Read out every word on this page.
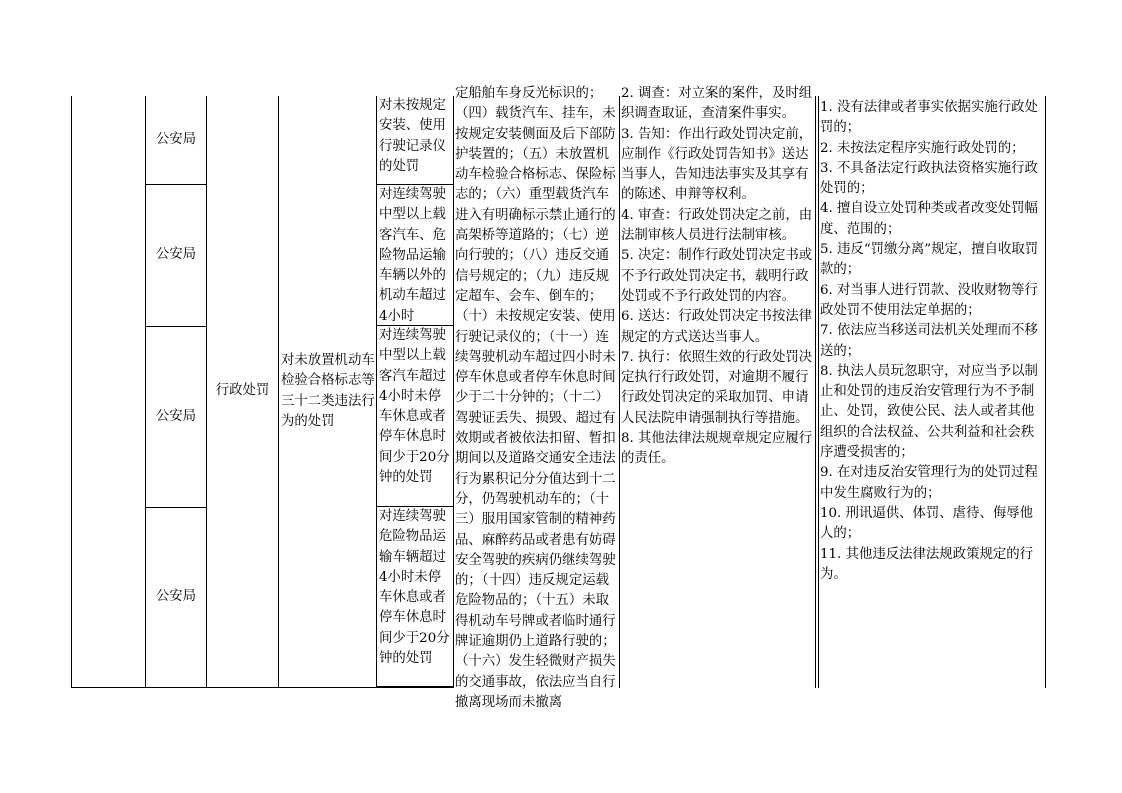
公安局
公安局
公安局
公安局
行政处罚
对未放置机动车检验合格标志等三十二类违法行为的处罚
对未按规定安装、使用行驶记录仪的处罚
对连续驾驶中型以上载客汽车、危险物品运输车辆以外的机动车超过4小时
对连续驾驶中型以上载客汽车超过4小时未停车休息或者停车休息时间少于20分钟的处罚
对连续驾驶危险物品运输车辆超过4小时未停车休息或者停车休息时间少于20分钟的处罚
定船舶车身反光标识的；（四）载货汽车、挂车，未按规定安装侧面及后下部防护装置的；（五）未放置机动车检验合格标志、保险标志的；（六）重型载货汽车进入有明确标示禁止通行的高架桥等道路的；（七）逆向行驶的；（八）违反交通信号规定的；（九）违反规定超车、会车、倒车的；（十）未按规定安装、使用行驶记录仪的；（十一）连续驾驶机动车超过四小时未停车休息或者停车休息时间少于二十分钟的；（十二）驾驶证丢失、损毁、超过有效期或者被依法扣留、暂扣期间以及道路交通安全违法行为累积记分分值达到十二分，仍驾驶机动车的；（十三）服用国家管制的精神药品、麻醉药品或者患有妨碍安全驾驶的疾病仍继续驾驶的；（十四）违反规定运载危险物品的；（十五）未取得机动车号牌或者临时通行牌证逾期仍上道路行驶的；（十六）发生轻微财产损失的交通事故，依法应当自行撤离现场而未撤离

2. 调查：对立案的案件，及时组织调查取证，查清案件事实。

3. 告知：作出行政处罚决定前，应制作《行政处罚告知书》送达当事人，告知违法事实及其享有的陈述、申辩等权利。

4. 审查：行政处罚决定之前，由法制审核人员进行法制审核。

5. 决定：制作行政处罚决定书或不予行政处罚决定书，载明行政处罚或不予行政处罚的内容。

6. 送达：行政处罚决定书按法律规定的方式送达当事人。

7. 执行：依照生效的行政处罚决定执行行政处罚，对逾期不履行行政处罚决定的采取加罚、申请人民法院申请强制执行等措施。

8. 其他法律法规规章规定应履行的责任。

1. 没有法律或者事实依据实施行政处罚的；

2. 未按法定程序实施行政处罚的；

3. 不具备法定行政执法资格实施行政处罚的；

4. 擅自设立处罚种类或者改变处罚幅度、范围的；

5. 违反“罚缴分离”规定，擅自收取罚款的；

6. 对当事人进行罚款、没收财物等行政处罚不使用法定单据的；

7. 依法应当移送司法机关处理而不移送的；

8. 执法人员玩忽职守，对应当予以制止和处罚的违反治安管理行为不予制止、处罚，致使公民、法人或者其他组织的合法权益、公共利益和社会秩序遭受损害的；

9. 在对违反治安管理行为的处罚过程中发生腐败行为的；

10. 刑讯逼供、体罚、虐待、侮辱他人的；

11. 其他违反法律法规政策规定的行为。
